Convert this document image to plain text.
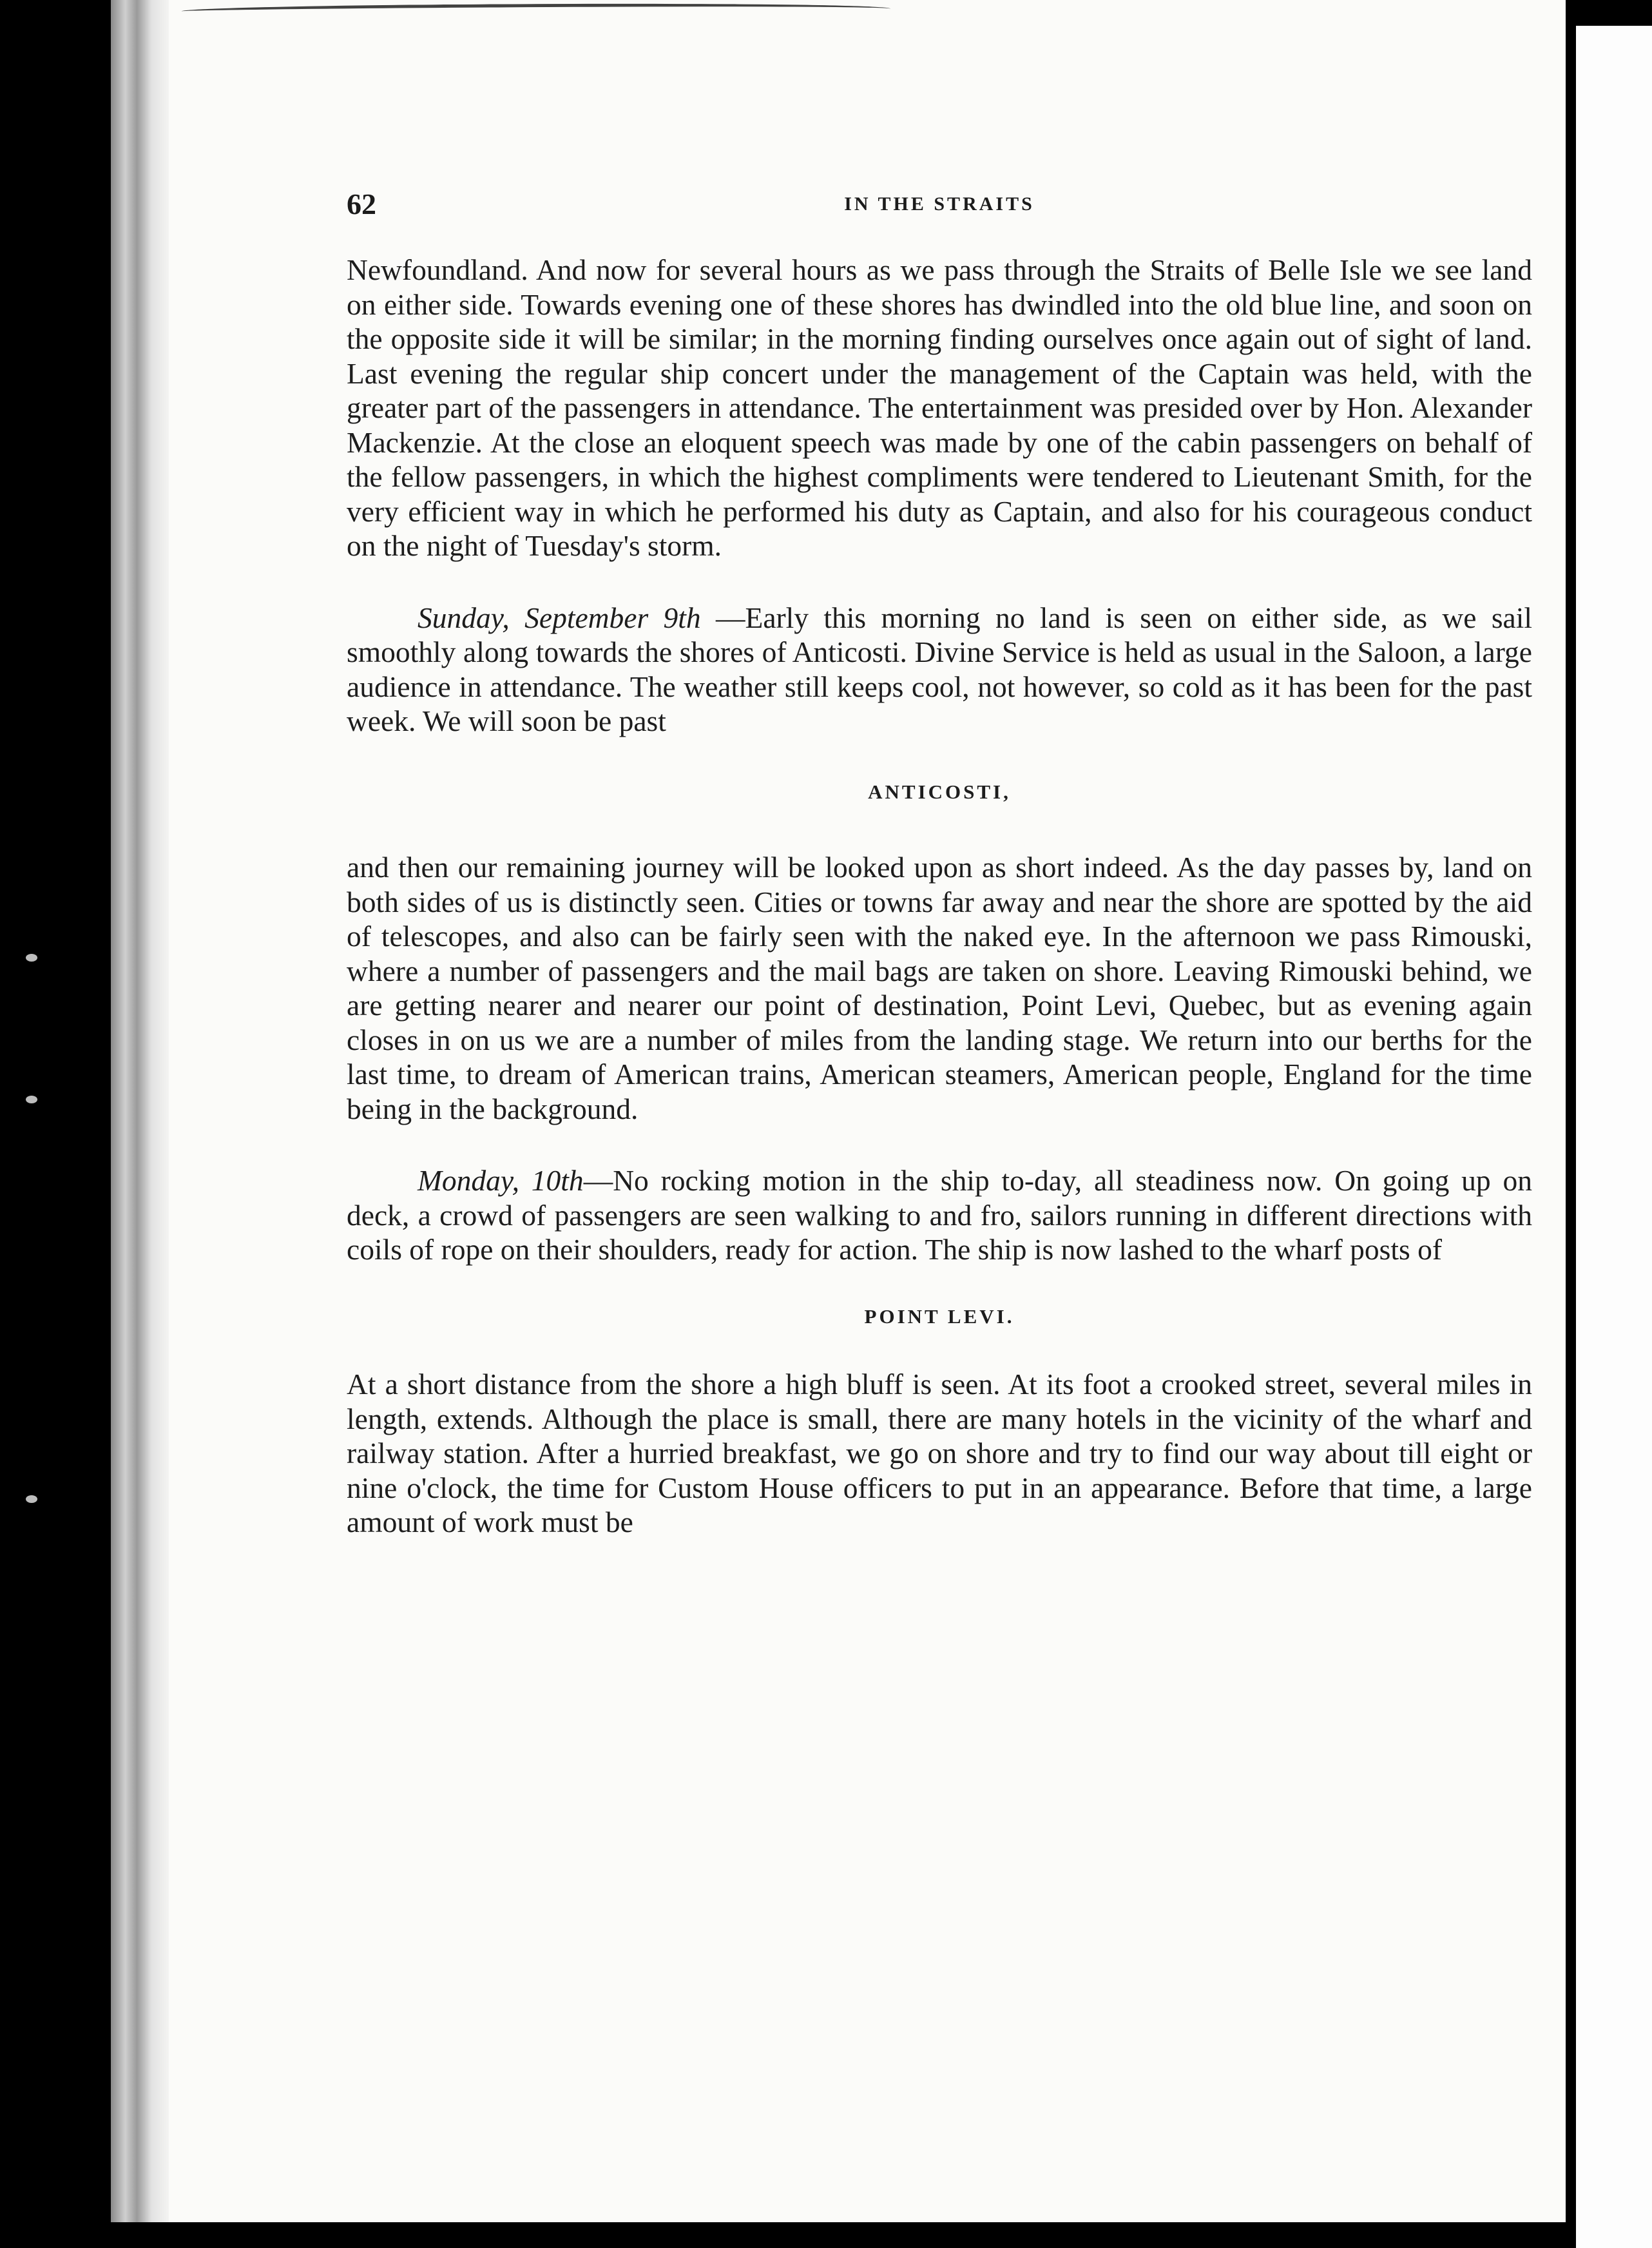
62	IN THE STRAITS

Newfoundland. And now for several hours as we pass through the Straits of Belle Isle we see land on either side. Towards evening one of these shores has dwindled into the old blue line, and soon on the opposite side it will be similar; in the morning finding ourselves once again out of sight of land. Last evening the regular ship concert under the management of the Captain was held, with the greater part of the passengers in attendance. The entertainment was presided over by Hon. Alexander Mackenzie. At the close an eloquent speech was made by one of the cabin passengers on behalf of the fellow passengers, in which the highest compliments were tendered to Lieutenant Smith, for the very efficient way in which he performed his duty as Captain, and also for his courageous conduct on the night of Tuesday's storm.

Sunday, September 9th —Early this morning no land is seen on either side, as we sail smoothly along towards the shores of Anticosti. Divine Service is held as usual in the Saloon, a large audience in attendance. The weather still keeps cool, not however, so cold as it has been for the past week. We will soon be past

ANTICOSTI,

and then our remaining journey will be looked upon as short indeed. As the day passes by, land on both sides of us is distinctly seen. Cities or towns far away and near the shore are spotted by the aid of telescopes, and also can be fairly seen with the naked eye. In the afternoon we pass Rimouski, where a number of passengers and the mail bags are taken on shore. Leaving Rimouski behind, we are getting nearer and nearer our point of destination, Point Levi, Quebec, but as evening again closes in on us we are a number of miles from the landing stage. We return into our berths for the last time, to dream of American trains, American steamers, American people, England for the time being in the background.

Monday, 10th—No rocking motion in the ship to-day, all steadiness now. On going up on deck, a crowd of passengers are seen walking to and fro, sailors running in different directions with coils of rope on their shoulders, ready for action. The ship is now lashed to the wharf posts of

POINT LEVI.

At a short distance from the shore a high bluff is seen. At its foot a crooked street, several miles in length, extends. Although the place is small, there are many hotels in the vicinity of the wharf and railway station. After a hurried breakfast, we go on shore and try to find our way about till eight or nine o'clock, the time for Custom House officers to put in an appearance. Before that time, a large amount of work must be
